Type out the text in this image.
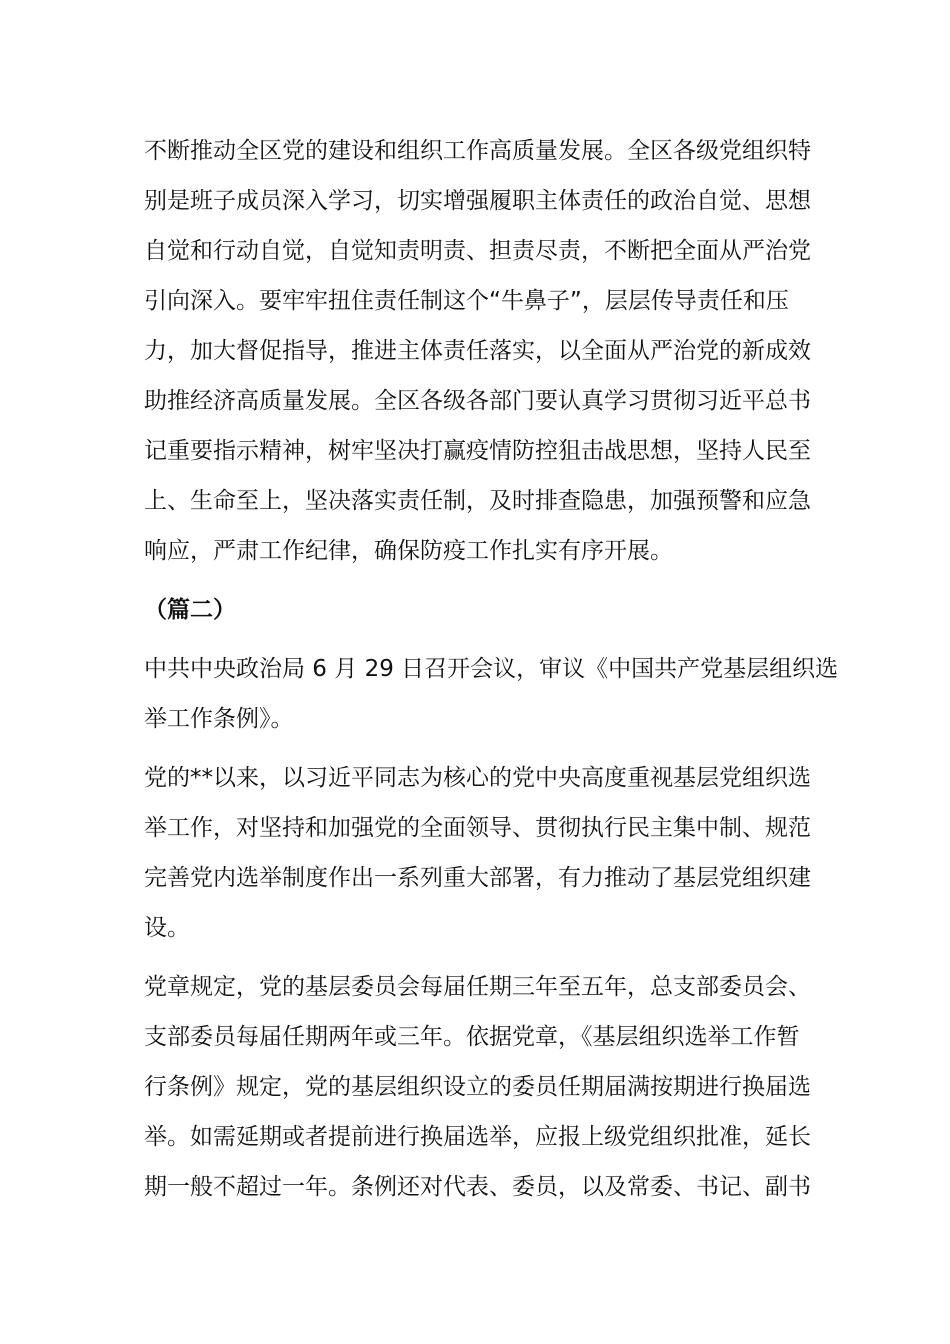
不断推动全区党的建设和组织工作高质量发展。全区各级党组织特
别是班子成员深入学习，切实增强履职主体责任的政治自觉、思想
自觉和行动自觉，自觉知责明责、担责尽责，不断把全面从严治党
引向深入。要牢牢扭住责任制这个“牛鼻子”，层层传导责任和压
力，加大督促指导，推进主体责任落实，以全面从严治党的新成效
助推经济高质量发展。全区各级各部门要认真学习贯彻习近平总书
记重要指示精神，树牢坚决打赢疫情防控狙击战思想，坚持人民至
上、生命至上，坚决落实责任制，及时排查隐患，加强预警和应急
响应，严肃工作纪律，确保防疫工作扎实有序开展。
（篇二）
中共中央政治局 6 月 29 日召开会议，审议《中国共产党基层组织选
举工作条例》。
党的**以来，以习近平同志为核心的党中央高度重视基层党组织选
举工作，对坚持和加强党的全面领导、贯彻执行民主集中制、规范
完善党内选举制度作出一系列重大部署，有力推动了基层党组织建
设。
党章规定，党的基层委员会每届任期三年至五年，总支部委员会、
支部委员每届任期两年或三年。依据党章，《基层组织选举工作暂
行条例》规定，党的基层组织设立的委员任期届满按期进行换届选
举。如需延期或者提前进行换届选举，应报上级党组织批准，延长
期一般不超过一年。条例还对代表、委员，以及常委、书记、副书
